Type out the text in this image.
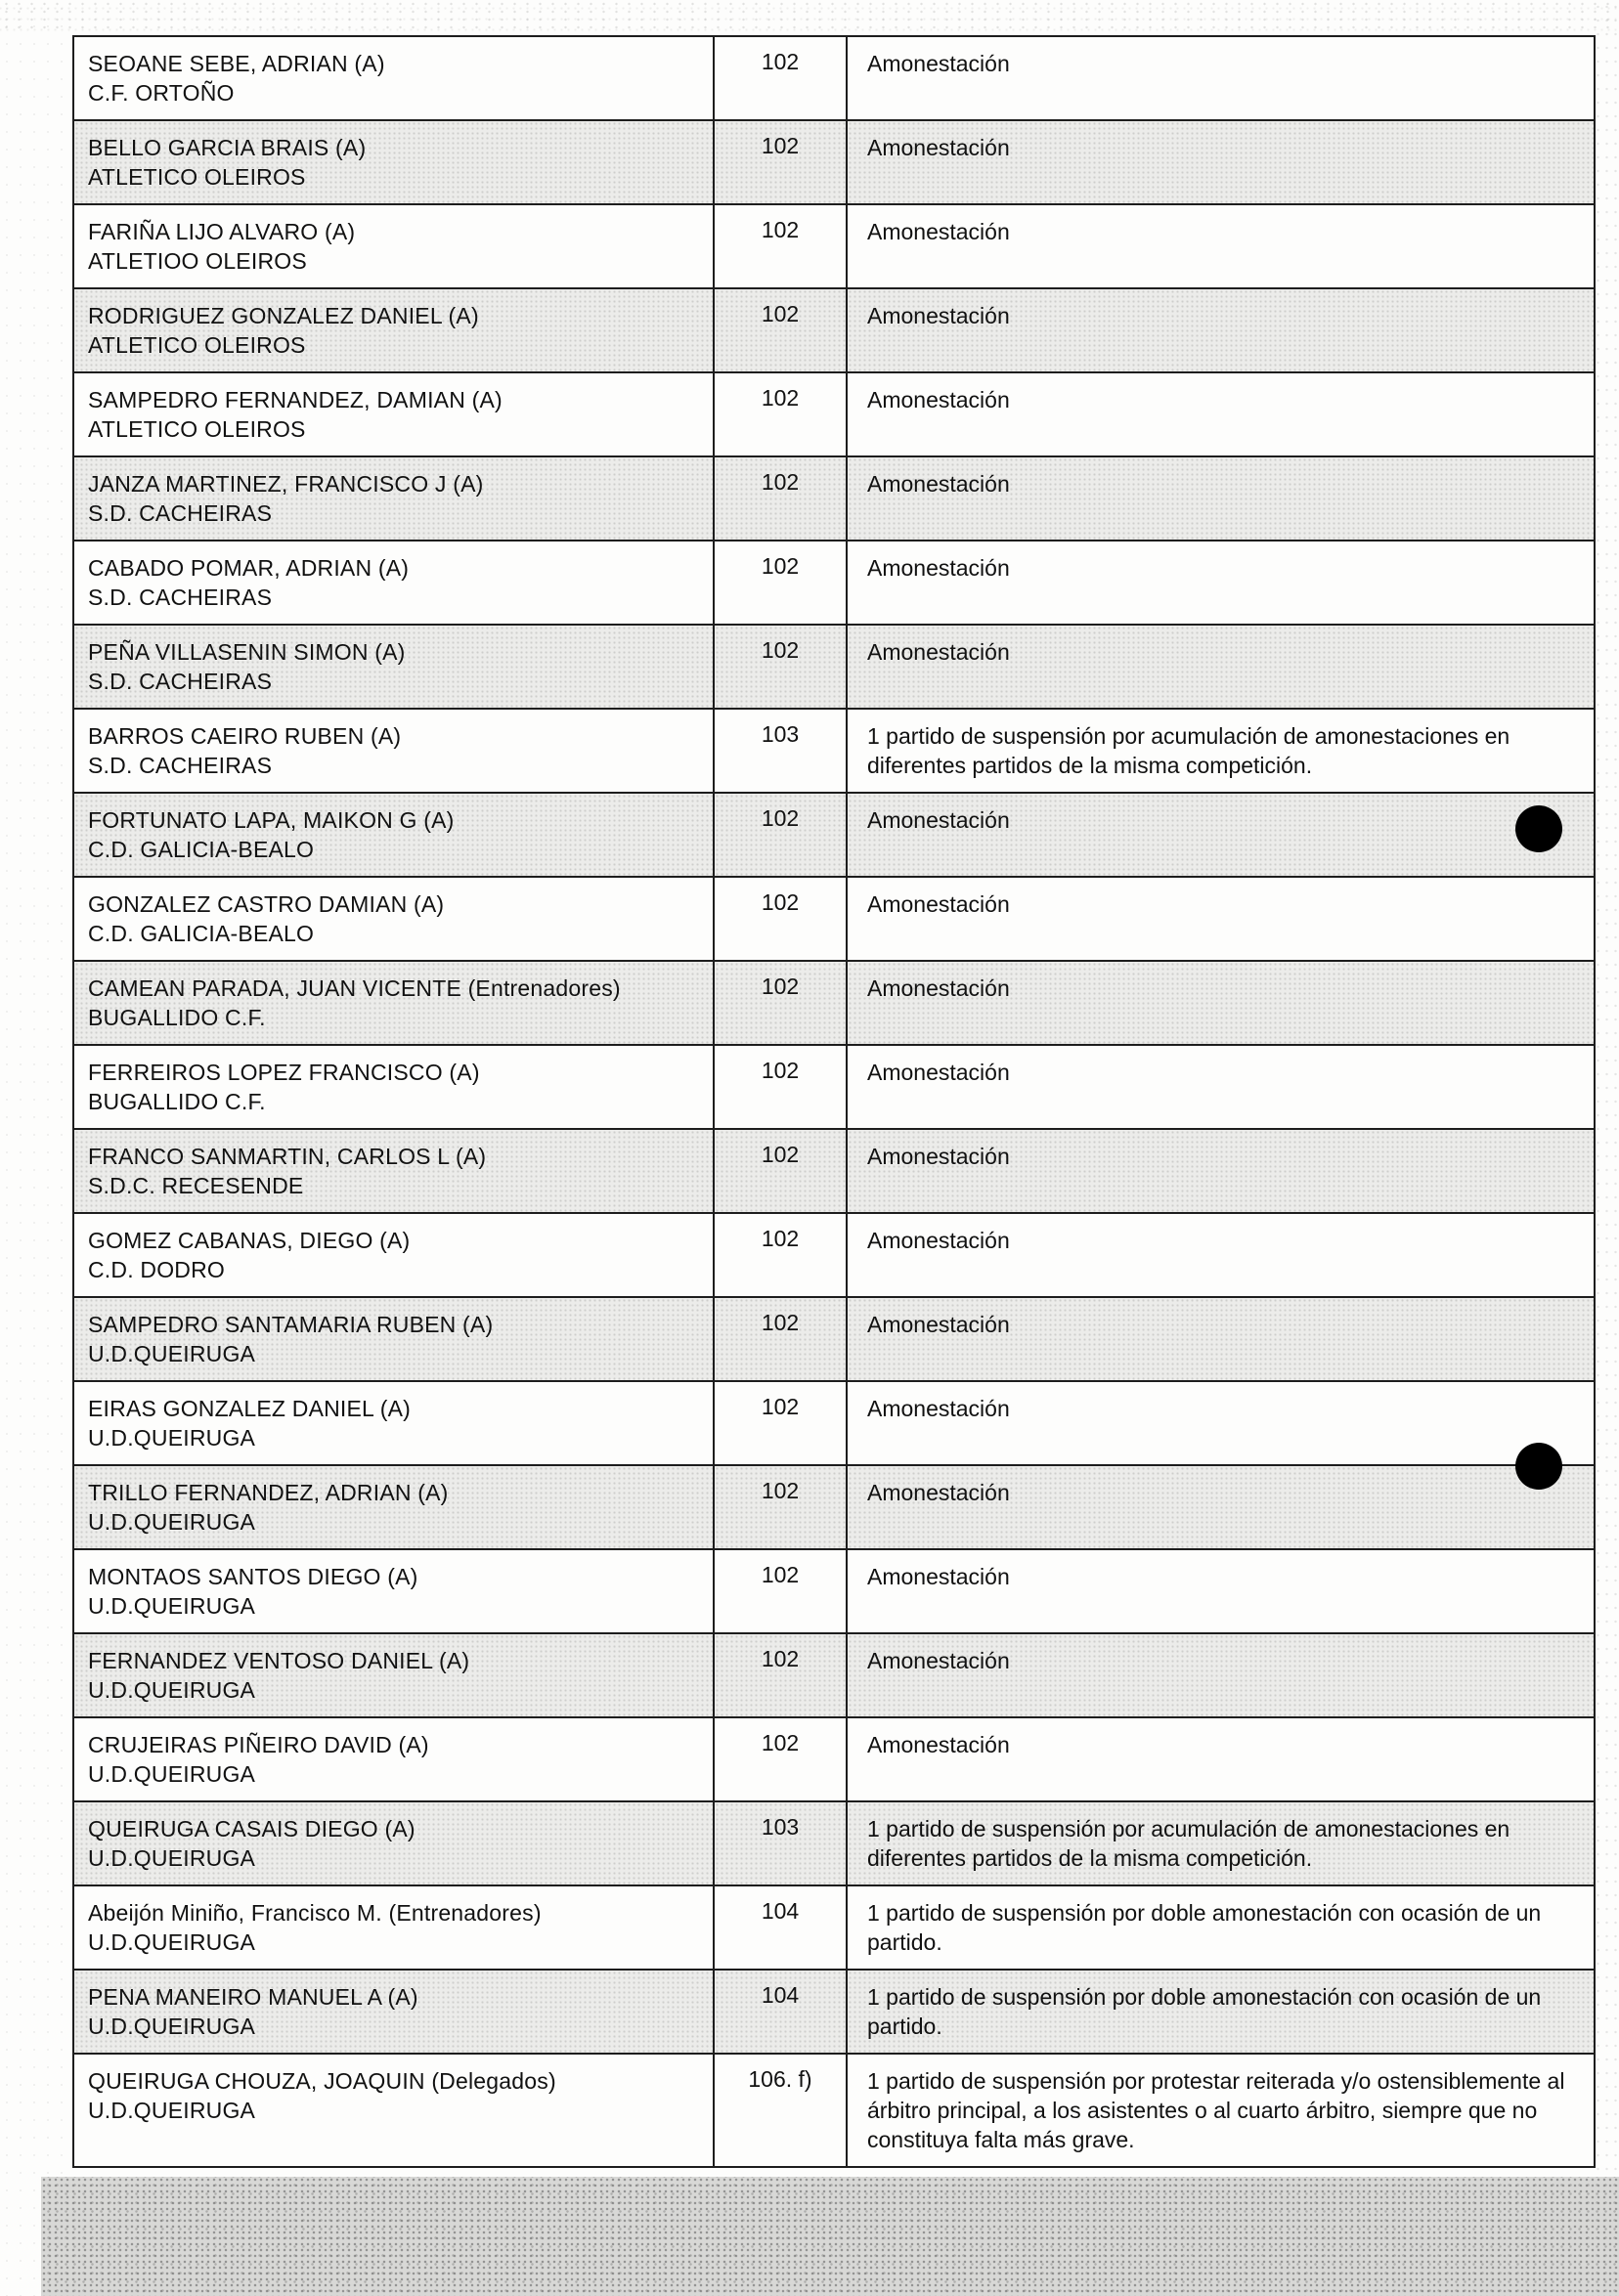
SEOANE SEBE, ADRIAN (A)
C.F. ORTOÑO	102	Amonestación

BELLO GARCIA BRAIS (A)
ATLETICO OLEIROS	102	Amonestación

FARIÑA LIJO ALVARO (A)
ATLETIOO OLEIROS	102	Amonestación

RODRIGUEZ GONZALEZ DANIEL (A)
ATLETICO OLEIROS	102	Amonestación

SAMPEDRO FERNANDEZ, DAMIAN (A)
ATLETICO OLEIROS	102	Amonestación

JANZA MARTINEZ, FRANCISCO J (A)
S.D. CACHEIRAS	102	Amonestación

CABADO POMAR, ADRIAN (A)
S.D. CACHEIRAS	102	Amonestación

PEÑA VILLASENIN SIMON (A)
S.D. CACHEIRAS	102	Amonestación

BARROS CAEIRO RUBEN (A)
S.D. CACHEIRAS	103	1 partido de suspensión por acumulación de amonestaciones en diferentes partidos de la misma competición.

FORTUNATO LAPA, MAIKON G (A)
C.D. GALICIA-BEALO	102	Amonestación

GONZALEZ CASTRO DAMIAN (A)
C.D. GALICIA-BEALO	102	Amonestación

CAMEAN PARADA, JUAN VICENTE (Entrenadores)
BUGALLIDO C.F.	102	Amonestación

FERREIROS LOPEZ FRANCISCO (A)
BUGALLIDO C.F.	102	Amonestación

FRANCO SANMARTIN, CARLOS L (A)
S.D.C. RECESENDE	102	Amonestación

GOMEZ CABANAS, DIEGO (A)
C.D. DODRO	102	Amonestación

SAMPEDRO SANTAMARIA RUBEN (A)
U.D.QUEIRUGA	102	Amonestación

EIRAS GONZALEZ DANIEL (A)
U.D.QUEIRUGA	102	Amonestación

TRILLO FERNANDEZ, ADRIAN (A)
U.D.QUEIRUGA	102	Amonestación

MONTAOS SANTOS DIEGO (A)
U.D.QUEIRUGA	102	Amonestación

FERNANDEZ VENTOSO DANIEL (A)
U.D.QUEIRUGA	102	Amonestación

CRUJEIRAS PIÑEIRO DAVID (A)
U.D.QUEIRUGA	102	Amonestación

QUEIRUGA CASAIS DIEGO (A)
U.D.QUEIRUGA	103	1 partido de suspensión por acumulación de amonestaciones en diferentes partidos de la misma competición.

Abeijón Miniño, Francisco M. (Entrenadores)
U.D.QUEIRUGA	104	1 partido de suspensión por doble amonestación con ocasión de un partido.

PENA MANEIRO MANUEL A (A)
U.D.QUEIRUGA	104	1 partido de suspensión por doble amonestación con ocasión de un partido.

QUEIRUGA CHOUZA, JOAQUIN (Delegados)
U.D.QUEIRUGA	106. f)	1 partido de suspensión por protestar reiterada y/o ostensiblemente al árbitro principal, a los asistentes o al cuarto árbitro, siempre que no constituya falta más grave.
